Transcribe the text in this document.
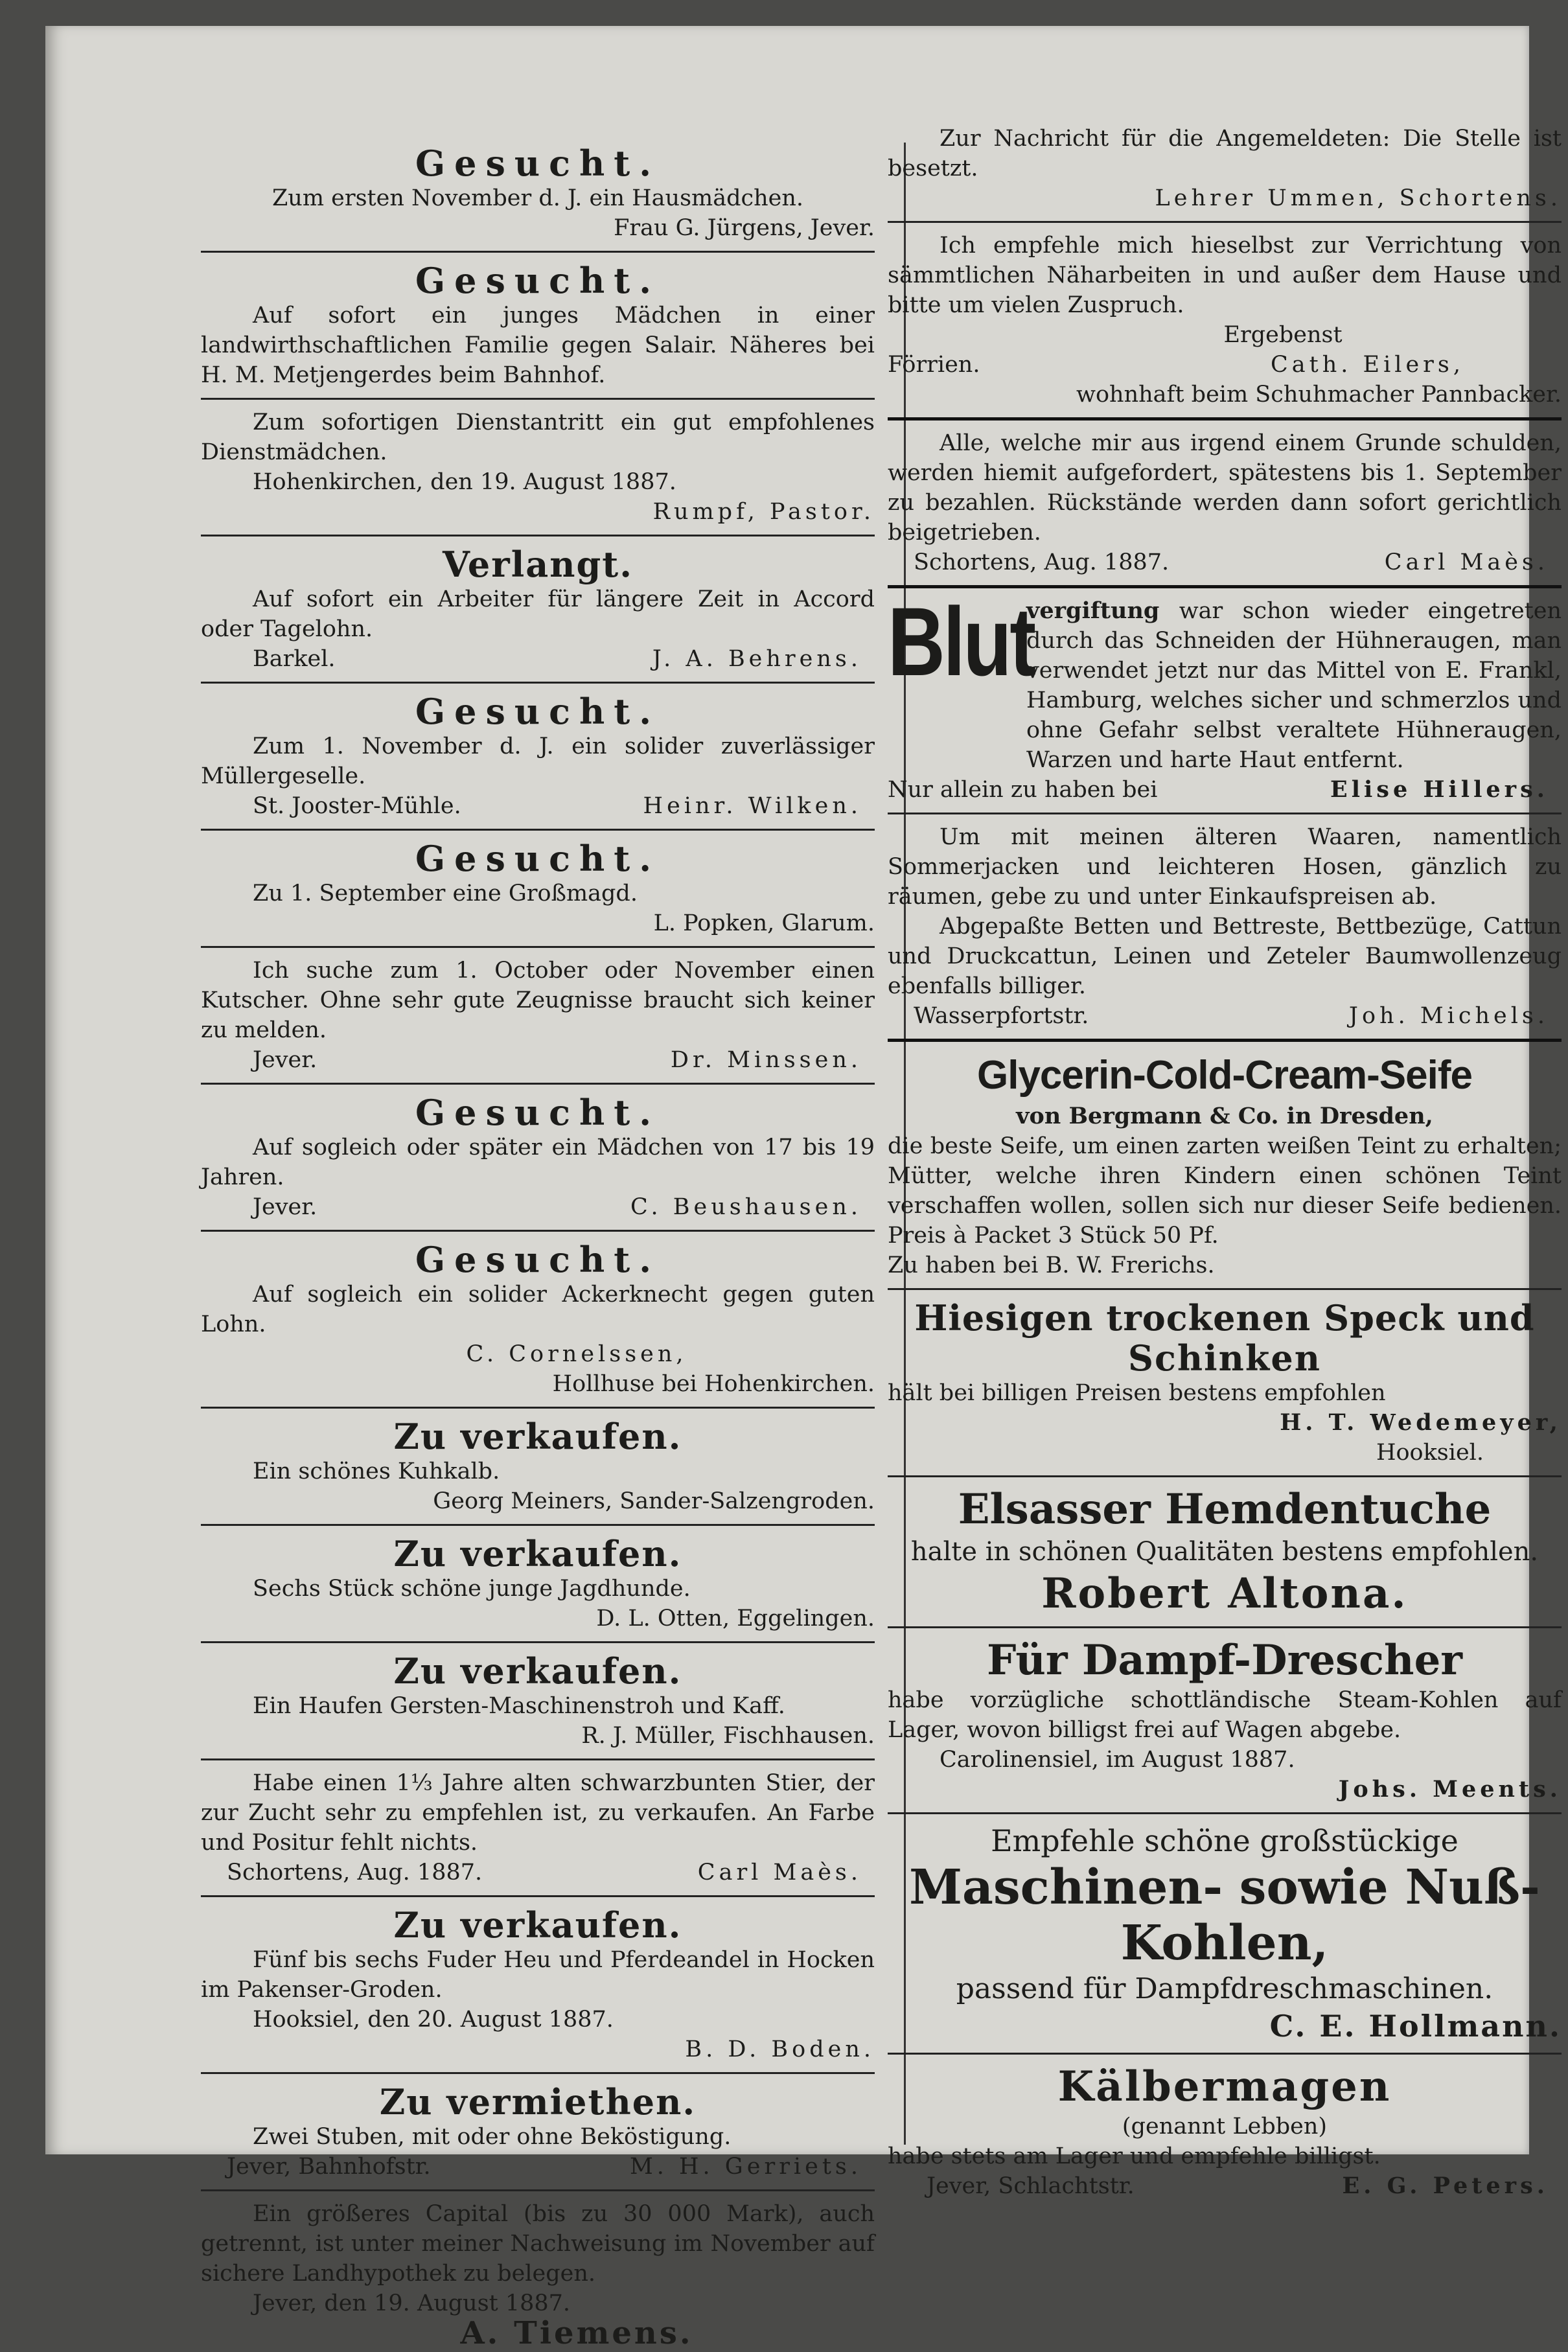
Gesucht.
Zum ersten November d. J. ein Hausmädchen.
Frau G. Jürgens, Jever.
Gesucht.
Auf sofort ein junges Mädchen in einer landwirthschaftlichen Familie gegen Salair. Näheres bei H. M. Metjengerdes beim Bahnhof.
Zum sofortigen Dienstantritt ein gut empfohlenes Dienstmädchen.
Hohenkirchen, den 19. August 1887.
Rumpf, Pastor.
Verlangt.
Auf sofort ein Arbeiter für längere Zeit in Accord oder Tagelohn.
Barkel.	J. A. Behrens.
Gesucht.
Zum 1. November d. J. ein solider zuverlässiger Müllergeselle.
St. Jooster-Mühle.	Heinr. Wilken.
Gesucht.
Zu 1. September eine Großmagd.
L. Popken, Glarum.
Ich suche zum 1. October oder November einen Kutscher. Ohne sehr gute Zeugnisse braucht sich keiner zu melden.
Jever.	Dr. Minssen.
Gesucht.
Auf sogleich oder später ein Mädchen von 17 bis 19 Jahren.
Jever.	C. Beushausen.
Gesucht.
Auf sogleich ein solider Ackerknecht gegen guten Lohn.
C. Cornelssen,
Hollhuse bei Hohenkirchen.
Zu verkaufen.
Ein schönes Kuhkalb.
Georg Meiners, Sander-Salzengroden.
Zu verkaufen.
Sechs Stück schöne junge Jagdhunde.
D. L. Otten, Eggelingen.
Zu verkaufen.
Ein Haufen Gersten-Maschinenstroh und Kaff.
R. J. Müller, Fischhausen.
Habe einen 1⅓ Jahre alten schwarzbunten Stier, der zur Zucht sehr zu empfehlen ist, zu verkaufen. An Farbe und Positur fehlt nichts.
Schortens, Aug. 1887.	Carl Maès.
Zu verkaufen.
Fünf bis sechs Fuder Heu und Pferdeandel in Hocken im Pakenser-Groden.
Hooksiel, den 20. August 1887.
B. D. Boden.
Zu vermiethen.
Zwei Stuben, mit oder ohne Beköstigung.
Jever, Bahnhofstr.	M. H. Gerriets.
Ein größeres Capital (bis zu 30 000 Mark), auch getrennt, ist unter meiner Nachweisung im November auf sichere Landhypothek zu belegen.
Jever, den 19. August 1887.
A. Tiemens.
Zur Nachricht für die Angemeldeten: Die Stelle ist besetzt.
Lehrer Ummen, Schortens.
Ich empfehle mich hieselbst zur Verrichtung von sämmtlichen Näharbeiten in und außer dem Hause und bitte um vielen Zuspruch.
Ergebenst
Förrien.	Cath. Eilers,
wohnhaft beim Schuhmacher Pannbacker.
Alle, welche mir aus irgend einem Grunde schulden, werden hiemit aufgefordert, spätestens bis 1. September zu bezahlen. Rückstände werden dann sofort gerichtlich beigetrieben.
Schortens, Aug. 1887.	Carl Maès.
Blut
vergiftung war schon wieder eingetreten durch das Schneiden der Hühneraugen, man verwendet jetzt nur das Mittel von E. Frankl, Hamburg, welches sicher und schmerzlos und ohne Gefahr selbst veraltete Hühneraugen, Warzen und harte Haut entfernt.
Nur allein zu haben bei	Elise Hillers.
Um mit meinen älteren Waaren, namentlich Sommerjacken und leichteren Hosen, gänzlich zu räumen, gebe zu und unter Einkaufspreisen ab.
Abgepaßte Betten und Bettreste, Bettbezüge, Cattun und Druckcattun, Leinen und Zeteler Baumwollenzeug ebenfalls billiger.
Wasserpfortstr.	Joh. Michels.
Glycerin-Cold-Cream-Seife
von Bergmann & Co. in Dresden,
die beste Seife, um einen zarten weißen Teint zu erhalten; Mütter, welche ihren Kindern einen schönen Teint verschaffen wollen, sollen sich nur dieser Seife bedienen. Preis à Packet 3 Stück 50 Pf.
Zu haben bei B. W. Frerichs.
Hiesigen trockenen Speck und
Schinken
hält bei billigen Preisen bestens empfohlen
H. T. Wedemeyer,
Hooksiel.
Elsasser Hemdentuche
halte in schönen Qualitäten bestens empfohlen.
Robert Altona.
Für Dampf-Drescher
habe vorzügliche schottländische Steam-Kohlen auf Lager, wovon billigst frei auf Wagen abgebe.
Carolinensiel, im August 1887.
Johs. Meents.
Empfehle schöne großstückige
Maschinen- sowie Nuß-
Kohlen,
passend für Dampfdreschmaschinen.
C. E. Hollmann.
Kälbermagen
(genannt Lebben)
habe stets am Lager und empfehle billigst.
Jever, Schlachtstr.	E. G. Peters.
